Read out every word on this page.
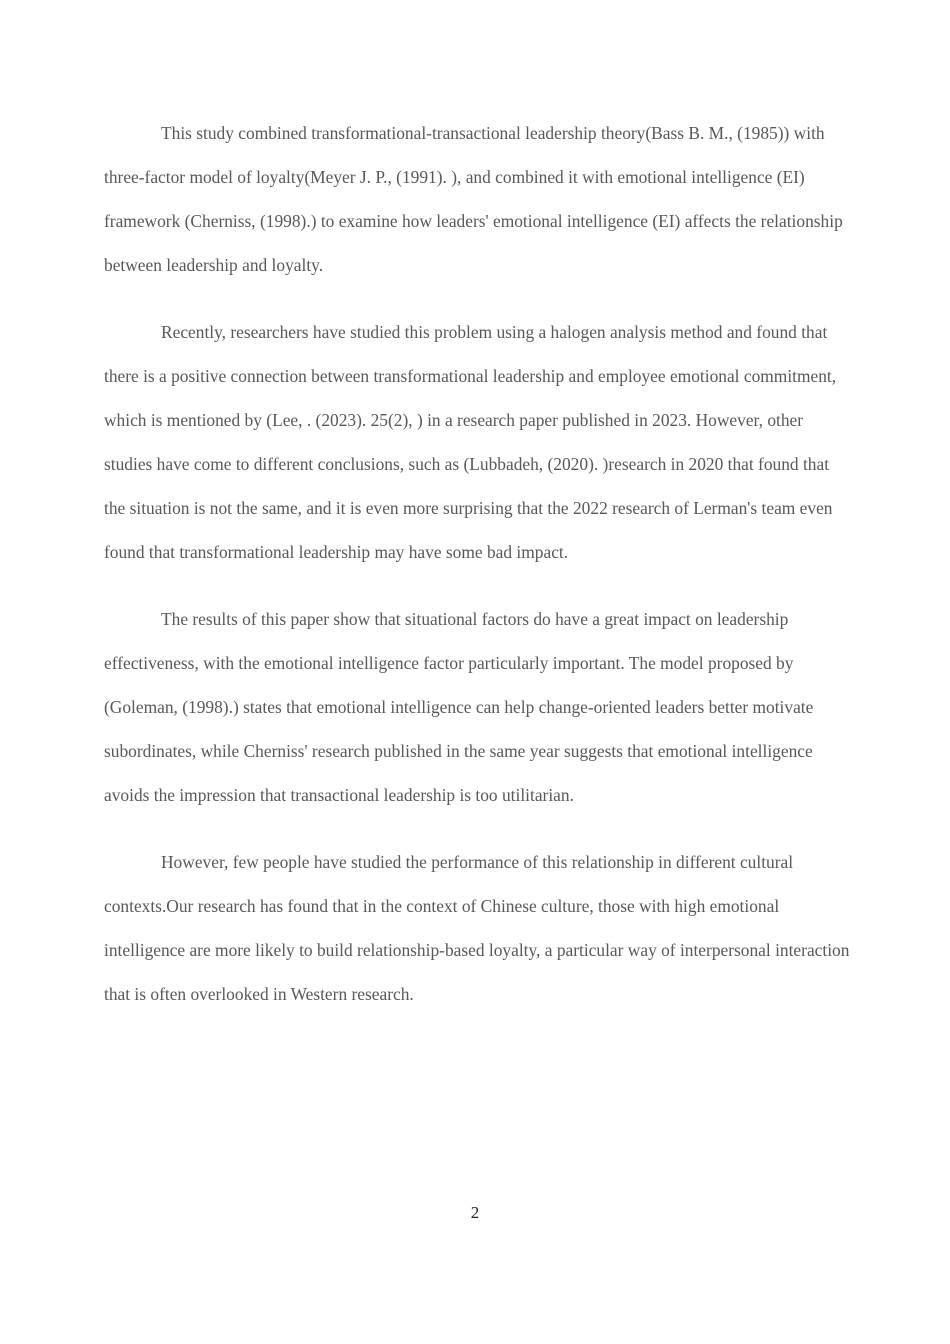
This study combined transformational-transactional leadership theory(Bass B. M., (1985)) with three-factor model of loyalty(Meyer J. P., (1991). ), and combined it with emotional intelligence (EI) framework (Cherniss, (1998).) to examine how leaders' emotional intelligence (EI) affects the relationship between leadership and loyalty.

Recently, researchers have studied this problem using a halogen analysis method and found that there is a positive connection between transformational leadership and employee emotional commitment, which is mentioned by (Lee, . (2023). 25(2), ) in a research paper published in 2023. However, other studies have come to different conclusions, such as (Lubbadeh, (2020). )research in 2020 that found that the situation is not the same, and it is even more surprising that the 2022 research of Lerman's team even found that transformational leadership may have some bad impact.

The results of this paper show that situational factors do have a great impact on leadership effectiveness, with the emotional intelligence factor particularly important. The model proposed by (Goleman, (1998).) states that emotional intelligence can help change-oriented leaders better motivate subordinates, while Cherniss' research published in the same year suggests that emotional intelligence avoids the impression that transactional leadership is too utilitarian.

However, few people have studied the performance of this relationship in different cultural contexts.Our research has found that in the context of Chinese culture, those with high emotional intelligence are more likely to build relationship-based loyalty, a particular way of interpersonal interaction that is often overlooked in Western research.

2
